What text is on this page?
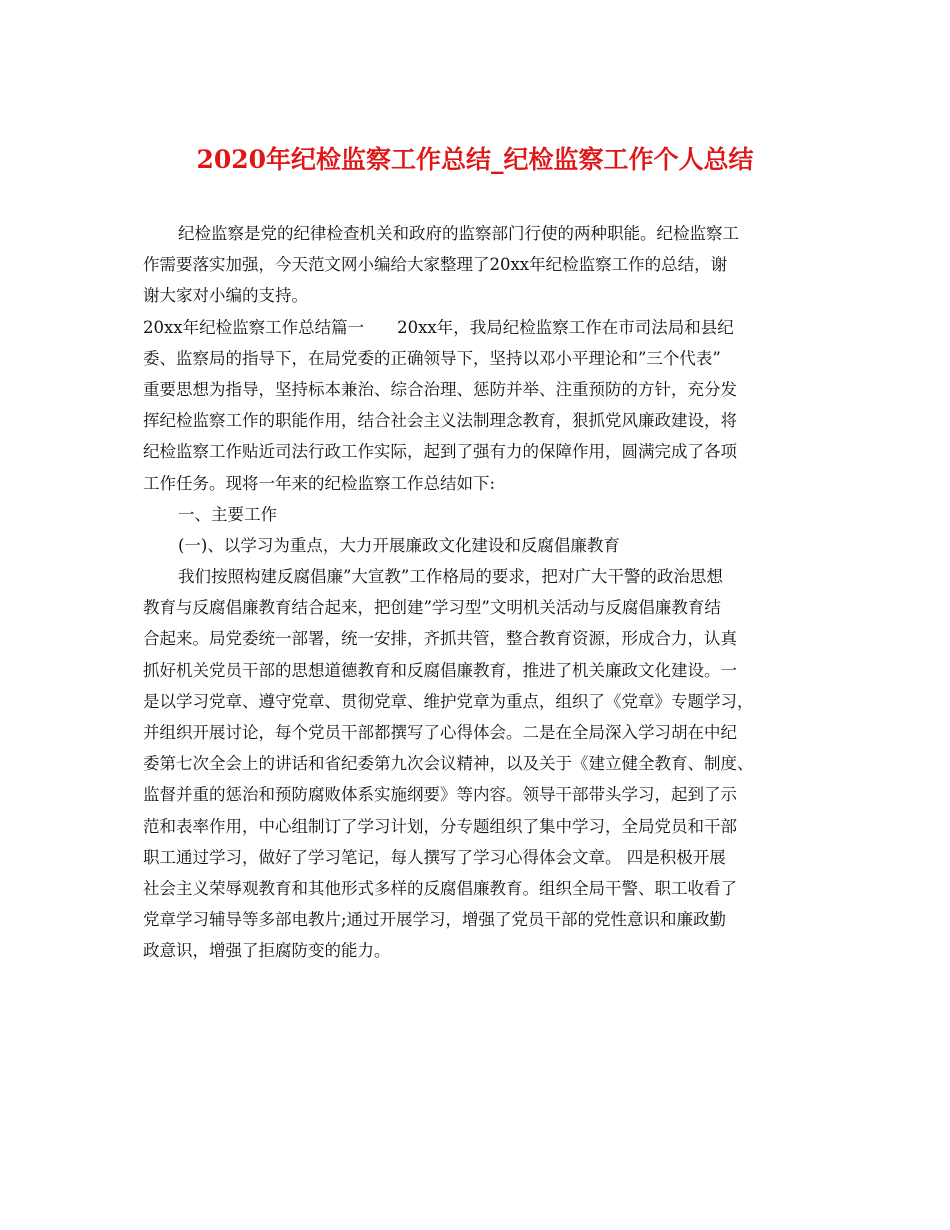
2020年纪检监察工作总结_纪检监察工作个人总结
纪检监察是党的纪律检查机关和政府的监察部门行使的两种职能。纪检监察工
作需要落实加强，今天范文网小编给大家整理了20xx年纪检监察工作的总结，谢
谢大家对小编的支持。
20xx年纪检监察工作总结篇一　　20xx年，我局纪检监察工作在市司法局和县纪
委、监察局的指导下，在局党委的正确领导下，坚持以邓小平理论和”三个代表”
重要思想为指导，坚持标本兼治、综合治理、惩防并举、注重预防的方针，充分发
挥纪检监察工作的职能作用，结合社会主义法制理念教育，狠抓党风廉政建设，将
纪检监察工作贴近司法行政工作实际，起到了强有力的保障作用，圆满完成了各项
工作任务。现将一年来的纪检监察工作总结如下:
一、主要工作
(一)、以学习为重点，大力开展廉政文化建设和反腐倡廉教育
我们按照构建反腐倡廉”大宣教”工作格局的要求，把对广大干警的政治思想
教育与反腐倡廉教育结合起来，把创建”学习型”文明机关活动与反腐倡廉教育结
合起来。局党委统一部署，统一安排，齐抓共管，整合教育资源，形成合力，认真
抓好机关党员干部的思想道德教育和反腐倡廉教育，推进了机关廉政文化建设。一
是以学习党章、遵守党章、贯彻党章、维护党章为重点，组织了《党章》专题学习，
并组织开展讨论，每个党员干部都撰写了心得体会。二是在全局深入学习胡在中纪
委第七次全会上的讲话和省纪委第九次会议精神，以及关于《建立健全教育、制度、
监督并重的惩治和预防腐败体系实施纲要》等内容。领导干部带头学习，起到了示
范和表率作用，中心组制订了学习计划，分专题组织了集中学习，全局党员和干部
职工通过学习，做好了学习笔记，每人撰写了学习心得体会文章。 四是积极开展
社会主义荣辱观教育和其他形式多样的反腐倡廉教育。组织全局干警、职工收看了
党章学习辅导等多部电教片;通过开展学习，增强了党员干部的党性意识和廉政勤
政意识，增强了拒腐防变的能力。
